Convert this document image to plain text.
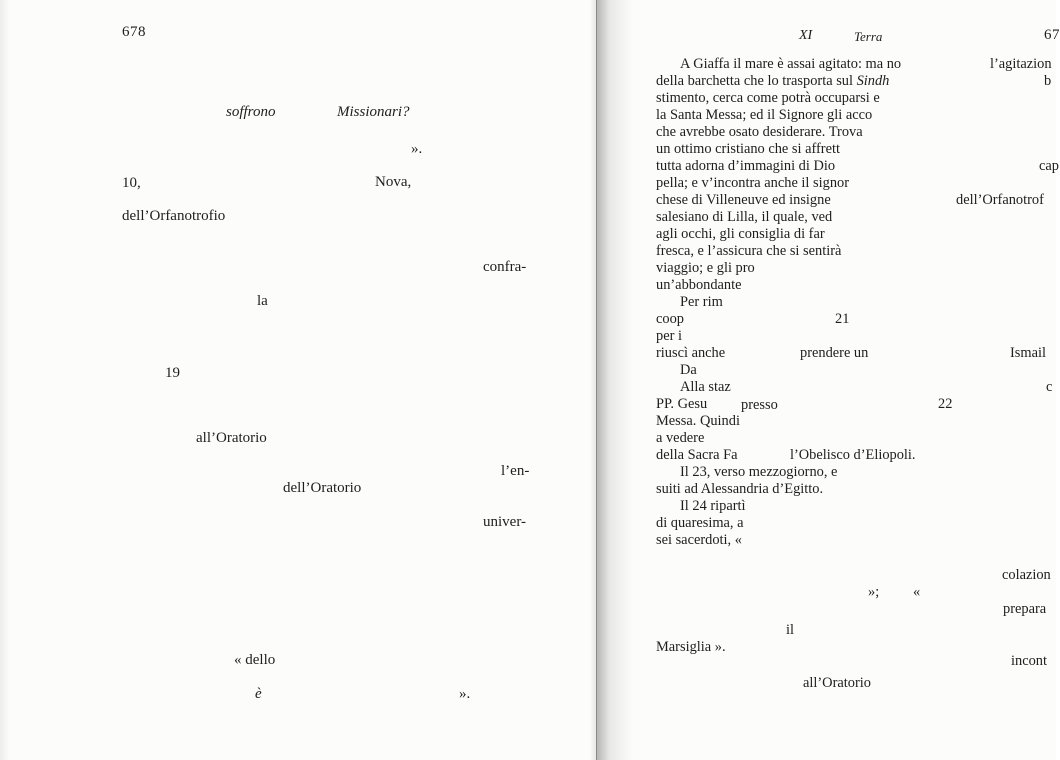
678
soffrono	Missionari?
».
10,	Nova,
dell’Orfanotrofio
confra-
la
19
all’Oratorio
l’en-
dell’Oratorio
univer-
« dello
è	».
XI	Terra	67
A Giaffa il mare è assai agitato: ma no
della barchetta che lo trasporta sul Sindh
stimento, cerca come potrà occuparsi e
la Santa Messa; ed il Signore gli acco
che avrebbe osato desiderare. Trova
un ottimo cristiano che si affrett
tutta adorna d’immagini di Dio
pella; e v’incontra anche il signor
chese di Villeneuve ed insigne
salesiano di Lilla, il quale, ved
agli occhi, gli consiglia di far
fresca, e l’assicura che si sentirà
viaggio; e gli pro
un’abbondante
Per rim
coop
per i
riuscì anche
Da
Alla staz
PP. Gesu
Messa. Quindi
a vedere
della Sacra Fa
Il 23, verso mezzogiorno, e
suiti ad Alessandria d’Egitto.
Il 24 ripartì
di quaresima, a
sei sacerdoti, «
21
prendere un
presso	22
l’Obelisco d’Eliopoli.
»; «
il
Marsiglia ».
all’Oratorio
l’agitazion
b
cap
dell’Orfanotrof
Ismail
c
colazion
prepara
incont
